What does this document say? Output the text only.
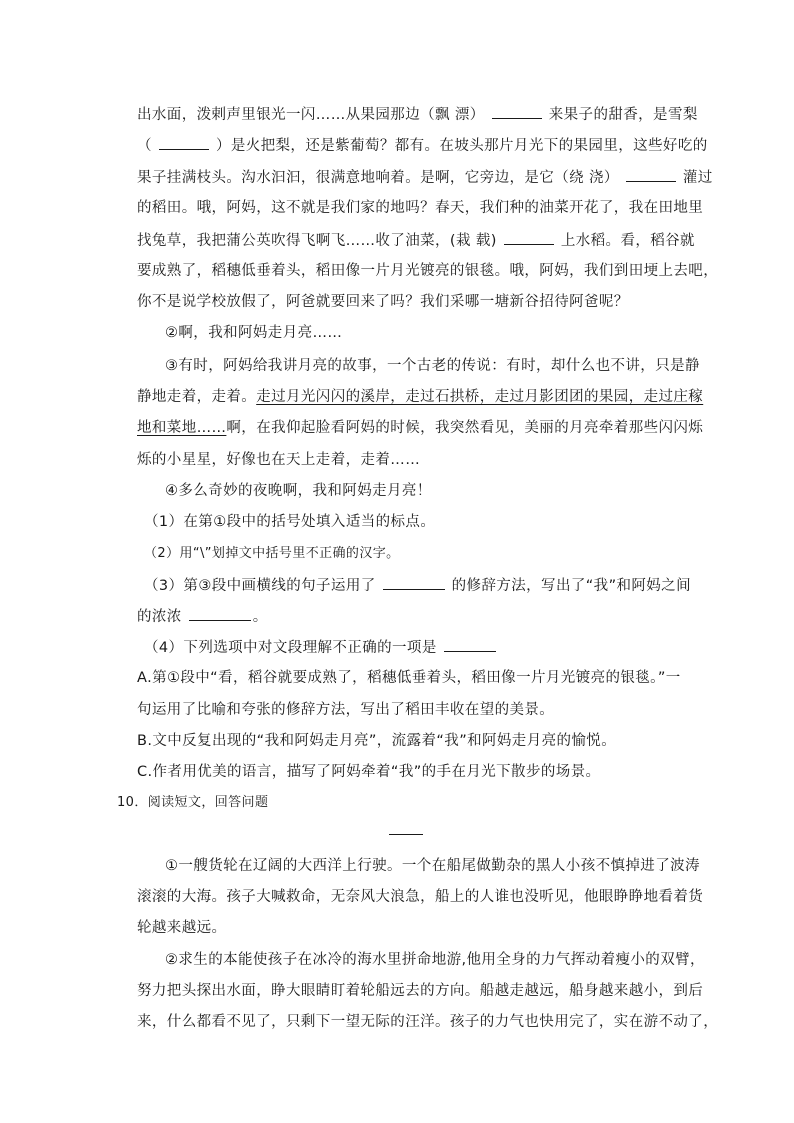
出水面，泼剌声里银光一闪……从果园那边（飘 漂）	来果子的甜香，是雪梨
（	）是火把梨，还是紫葡萄？都有。在坡头那片月光下的果园里，这些好吃的
果子挂满枝头。沟水汩汩，很满意地响着。是啊，它旁边，是它（绕 浇）	灌过
的稻田。哦，阿妈，这不就是我们家的地吗？春天，我们种的油菜开花了，我在田地里
找兔草，我把蒲公英吹得飞啊飞……收了油菜，(栽 载)	上水稻。看，稻谷就
要成熟了，稻穗低垂着头，稻田像一片月光镀亮的银毯。哦，阿妈，我们到田埂上去吧，
你不是说学校放假了，阿爸就要回来了吗？我们采哪一塘新谷招待阿爸呢？
②啊，我和阿妈走月亮……
③有时，阿妈给我讲月亮的故事，一个古老的传说：有时，却什么也不讲，只是静
静地走着，走着。走过月光闪闪的溪岸，走过石拱桥，走过月影团团的果园，走过庄稼
地和菜地……啊，在我仰起脸看阿妈的时候，我突然看见，美丽的月亮牵着那些闪闪烁
烁的小星星，好像也在天上走着，走着……
④多么奇妙的夜晚啊，我和阿妈走月亮！
（1）在第①段中的括号处填入适当的标点。
（2）用“\”划掉文中括号里不正确的汉字。
（3）第③段中画横线的句子运用了	的修辞方法，写出了“我”和阿妈之间
的浓浓	。
（4）下列选项中对文段理解不正确的一项是
A.第①段中“看，稻谷就要成熟了，稻穗低垂着头，稻田像一片月光镀亮的银毯。”一
句运用了比喻和夸张的修辞方法，写出了稻田丰收在望的美景。
B.文中反复出现的“我和阿妈走月亮”，流露着“我”和阿妈走月亮的愉悦。
C.作者用优美的语言，描写了阿妈牵着“我”的手在月光下散步的场景。
10．阅读短文，回答问题
①一艘货轮在辽阔的大西洋上行驶。一个在船尾做勤杂的黑人小孩不慎掉进了波涛
滚滚的大海。孩子大喊救命，无奈风大浪急，船上的人谁也没听见，他眼睁睁地看着货
轮越来越远。
②求生的本能使孩子在冰冷的海水里拼命地游,他用全身的力气挥动着瘦小的双臂，
努力把头探出水面，睁大眼睛盯着轮船远去的方向。船越走越远，船身越来越小，到后
来，什么都看不见了，只剩下一望无际的汪洋。孩子的力气也快用完了，实在游不动了，
